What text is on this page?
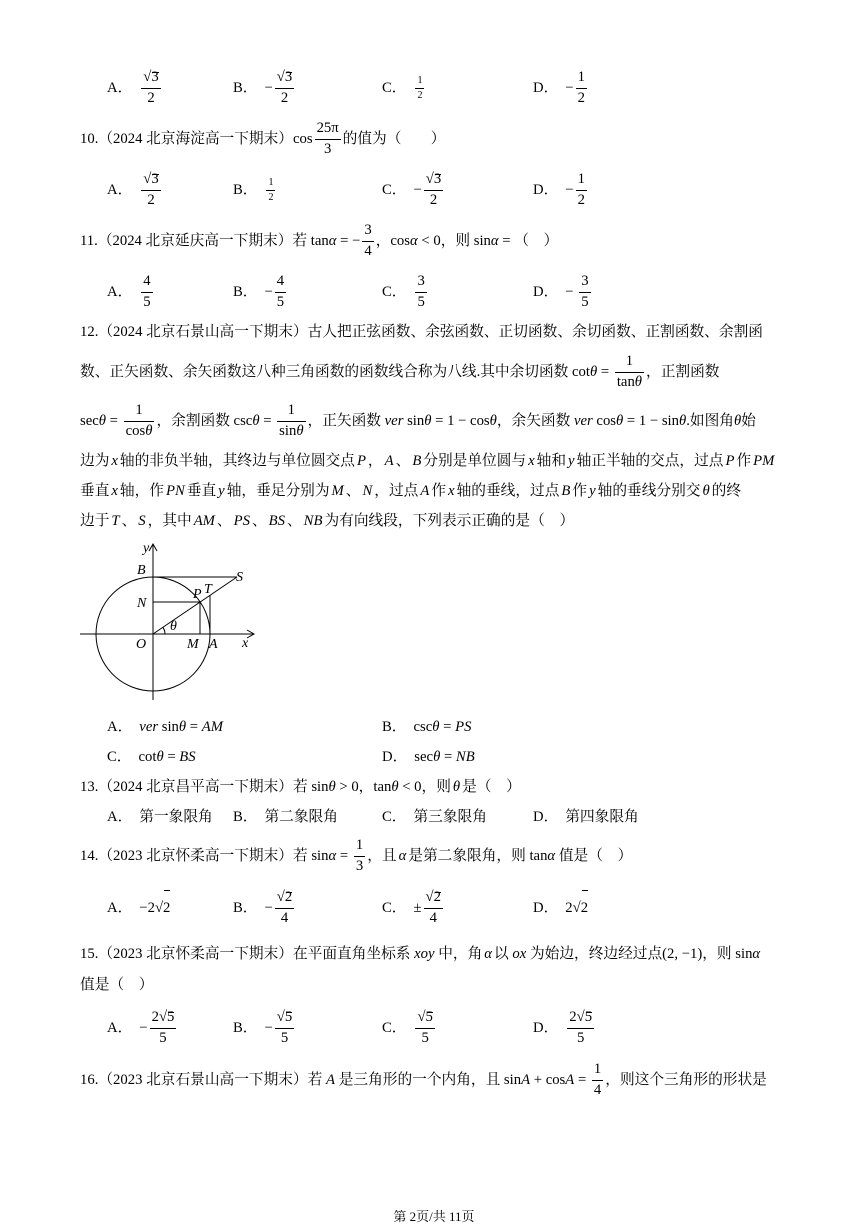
A． $\frac{√3}{2}$	B． − $\frac{√3}{2}$	C． $\frac{1}{2}$	D． − $\frac{1}{2}$
10.（2024 北京海淀高一下期末）$\cos \frac{25\pi}{3}$ 的值为（　　）
A． $\frac{√3}{2}$	B． $\frac{1}{2}$	C． − $\frac{√3}{2}$	D． − $\frac{1}{2}$
11.（2024 北京延庆高一下期末）若 tanα = − $\frac{3}{4}$ ，cosα < 0，则 sinα = （　）
A． $\frac{4}{5}$	B． − $\frac{4}{5}$	C． $\frac{3}{5}$	D． − $\frac{3}{5}$
12.（2024 北京石景山高一下期末）古人把正弦函数、余弦函数、正切函数、余切函数、正割函数、余割函
数、正矢函数、余矢函数这八种三角函数的函数线合称为八线.其中余切函数 $\cot\theta = \frac{1}{\tan\theta}$ ，正割函数
$\sec\theta = \frac{1}{\cos\theta}$ ，余割函数 $\csc\theta = \frac{1}{\sin\theta}$ ，正矢函数 ver sinθ = 1 − cosθ，余矢函数 ver cosθ = 1 − sinθ.如图角θ始
边为 x 轴的非负半轴，其终边与单位圆交点 P ， A 、 B 分别是单位圆与 x 轴和 y 轴正半轴的交点，过点 P 作 PM
垂直 x 轴，作 PN 垂直 y 轴，垂足分别为 M 、 N ，过点 A 作 x 轴的垂线，过点 B 作 y 轴的垂线分别交 θ 的终
边于 T 、 S ，其中 AM 、 PS 、 BS 、 NB 为有向线段，下列表示正确的是（　）
y
x
O
B
N
M A
P T
S
θ
A． ver sinθ = AM	B． cscθ = PS
C． cotθ = BS	D． secθ = NB
13.（2024 北京昌平高一下期末）若 sinθ > 0，tanθ < 0，则 θ 是（　）
A． 第一象限角 B． 第二象限角	C． 第三象限角	D． 第四象限角
14.（2023 北京怀柔高一下期末）若 $\sin\alpha = \frac{1}{3}$ ，且 α 是第二象限角，则 tanα 值是（　）
A． −2√2	B． − $\frac{√2}{4}$	C． ± $\frac{√2}{4}$	D． 2√2
15.（2023 北京怀柔高一下期末）在平面直角坐标系 xoy 中，角 α 以 ox 为始边，终边经过点(2, −1)，则 sinα
值是（　）
A． − $\frac{2√5}{5}$	B． − $\frac{√5}{5}$	C． $\frac{√5}{5}$	D． $\frac{2√5}{5}$
16.（2023 北京石景山高一下期末）若 A 是三角形的一个内角，且 $\sin A + \cos A = \frac{1}{4}$ ，则这个三角形的形状是
第 2页/共 11页
